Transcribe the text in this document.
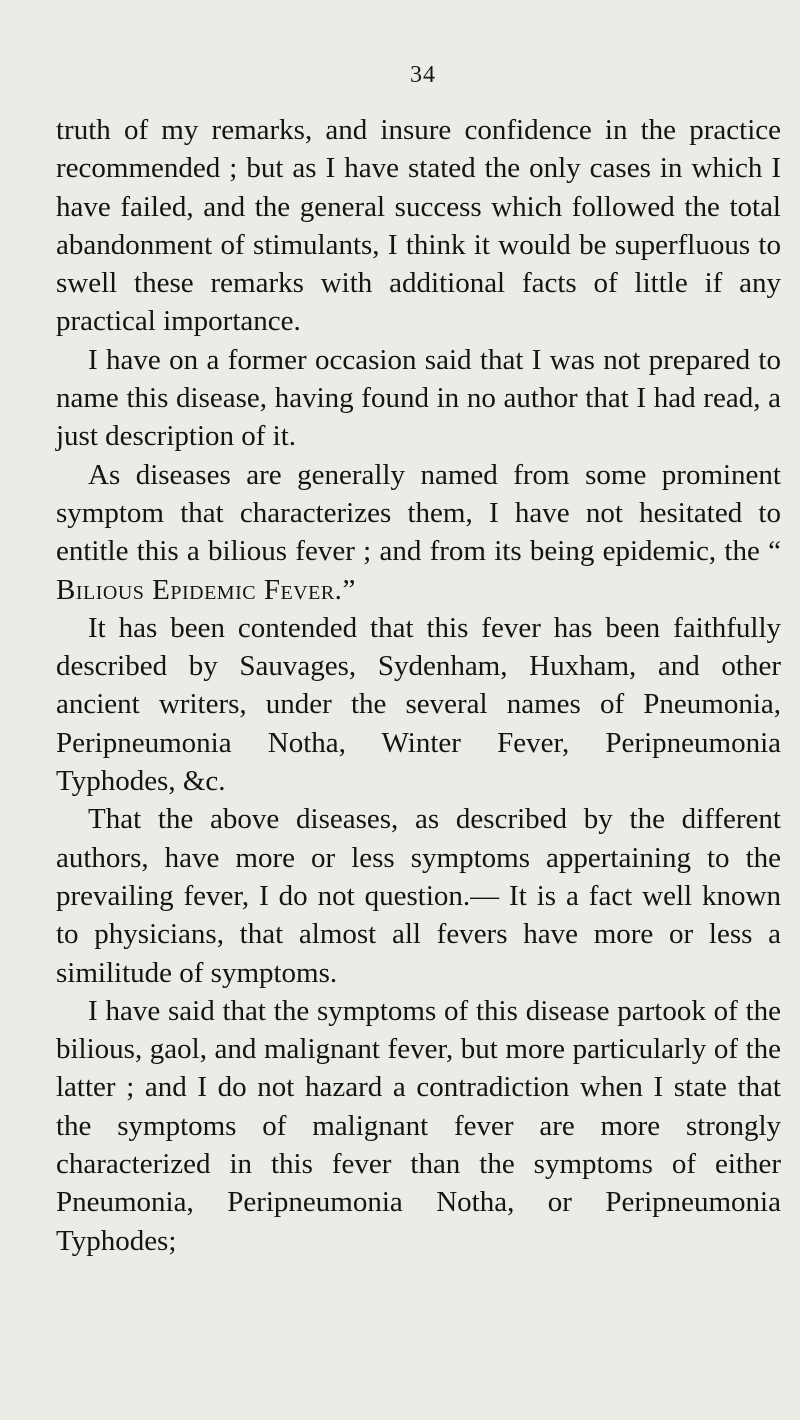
34

truth of my remarks, and insure confidence in the practice recommended ; but as I have stated the only cases in which I have failed, and the general success which followed the total abandonment of stimulants, I think it would be superfluous to swell these remarks with additional facts of little if any practical importance.

I have on a former occasion said that I was not prepared to name this disease, having found in no author that I had read, a just description of it.

As diseases are generally named from some prominent symptom that characterizes them, I have not hesitated to entitle this a bilious fever ; and from its being epidemic, the “ Bilious Epidemic Fever.”

It has been contended that this fever has been faithfully described by Sauvages, Sydenham, Huxham, and other ancient writers, under the several names of Pneumonia, Peripneumonia Notha, Winter Fever, Peripneumonia Typhodes, &c.

That the above diseases, as described by the different authors, have more or less symptoms appertaining to the prevailing fever, I do not question.— It is a fact well known to physicians, that almost all fevers have more or less a similitude of symptoms.

I have said that the symptoms of this disease partook of the bilious, gaol, and malignant fever, but more particularly of the latter ; and I do not hazard a contradiction when I state that the symptoms of malignant fever are more strongly characterized in this fever than the symptoms of either Pneumonia, Peripneumonia Notha, or Peripneumonia Typhodes;
